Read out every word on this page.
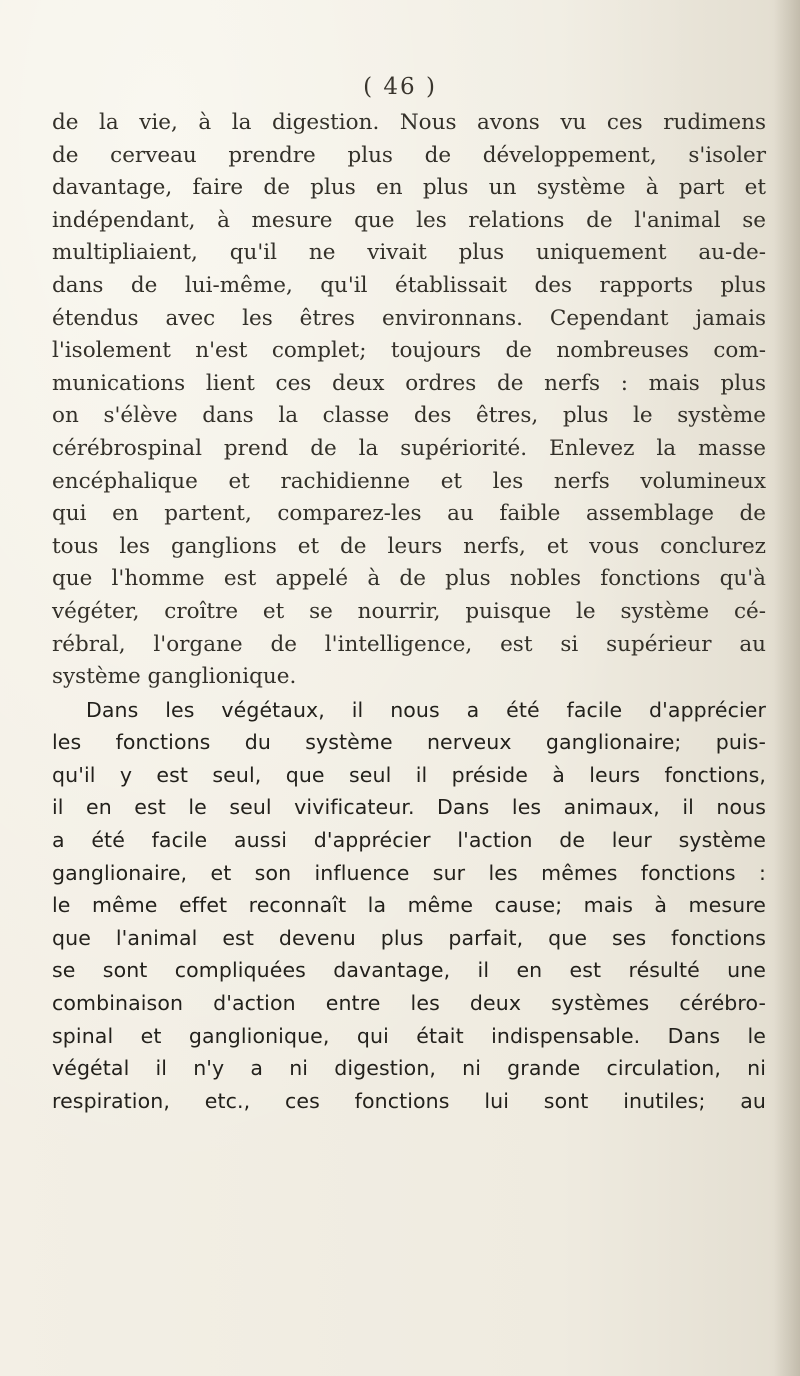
( 46 )
de la vie, à la digestion. Nous avons vu ces rudimens
de cerveau prendre plus de développement, s'isoler
davantage, faire de plus en plus un système à part et
indépendant, à mesure que les relations de l'animal se
multipliaient, qu'il ne vivait plus uniquement au-de-
dans de lui-même, qu'il établissait des rapports plus
étendus avec les êtres environnans. Cependant jamais
l'isolement n'est complet; toujours de nombreuses com-
munications lient ces deux ordres de nerfs : mais plus
on s'élève dans la classe des êtres, plus le système
cérébrospinal prend de la supériorité. Enlevez la masse
encéphalique et rachidienne et les nerfs volumineux
qui en partent, comparez-les au faible assemblage de
tous les ganglions et de leurs nerfs, et vous conclurez
que l'homme est appelé à de plus nobles fonctions qu'à
végéter, croître et se nourrir, puisque le système cé-
rébral, l'organe de l'intelligence, est si supérieur au
système ganglionique.
Dans les végétaux, il nous a été facile d'apprécier
les fonctions du système nerveux ganglionaire; puis-
qu'il y est seul, que seul il préside à leurs fonctions,
il en est le seul vivificateur. Dans les animaux, il nous
a été facile aussi d'apprécier l'action de leur système
ganglionaire, et son influence sur les mêmes fonctions :
le même effet reconnaît la même cause; mais à mesure
que l'animal est devenu plus parfait, que ses fonctions
se sont compliquées davantage, il en est résulté une
combinaison d'action entre les deux systèmes cérébro-
spinal et ganglionique, qui était indispensable. Dans le
végétal il n'y a ni digestion, ni grande circulation, ni
respiration, etc., ces fonctions lui sont inutiles; au
